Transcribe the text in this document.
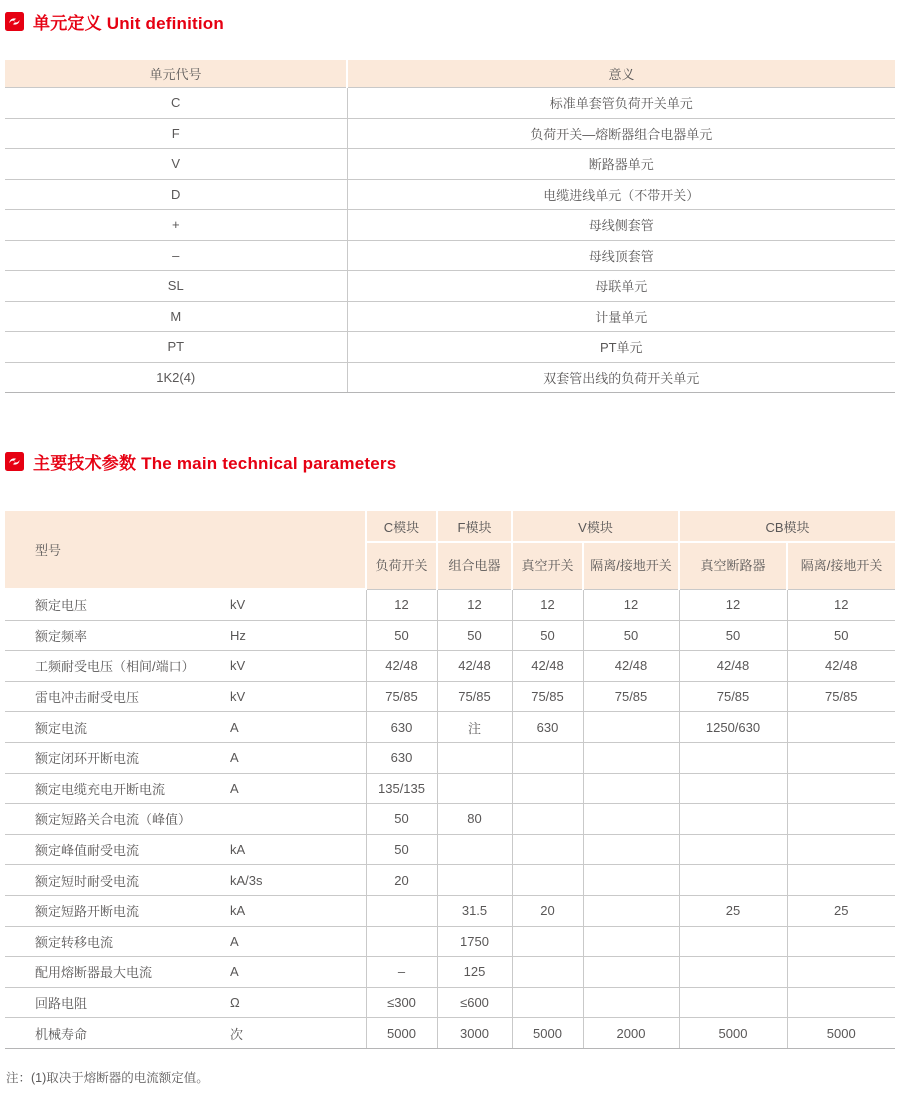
单元定义 Unit definition
单元代号	意义
C	标准单套管负荷开关单元
F	负荷开关—熔断器组合电器单元
V	断路器单元
D	电缆进线单元（不带开关）
+	母线侧套管
–	母线顶套管
SL	母联单元
M	计量单元
PT	PT单元
1K2(4)	双套管出线的负荷开关单元
主要技术参数 The main technical parameters
型号	C模块	F模块	V模块		CB模块	
	负荷开关	组合电器	真空开关	隔离/接地开关	真空断路器	隔离/接地开关
额定电压 kV	12	12	12	12	12	12
额定频率 Hz	50	50	50	50	50	50
工频耐受电压（相间/端口） kV	42/48	42/48	42/48	42/48	42/48	42/48
雷电冲击耐受电压 kV	75/85	75/85	75/85	75/85	75/85	75/85
额定电流 A	630	注	630		1250/630	
额定闭环开断电流 A	630					
额定电缆充电开断电流 A	135/135					
额定短路关合电流（峰值）	50	80				
额定峰值耐受电流 kA	50					
额定短时耐受电流 kA/3s	20					
额定短路开断电流 kA		31.5	20		25	25
额定转移电流 A		1750				
配用熔断器最大电流 A	–	125				
回路电阻 Ω	≤300	≤600				
机械寿命 次	5000	3000	5000	2000	5000	5000
注：(1)取决于熔断器的电流额定值。
